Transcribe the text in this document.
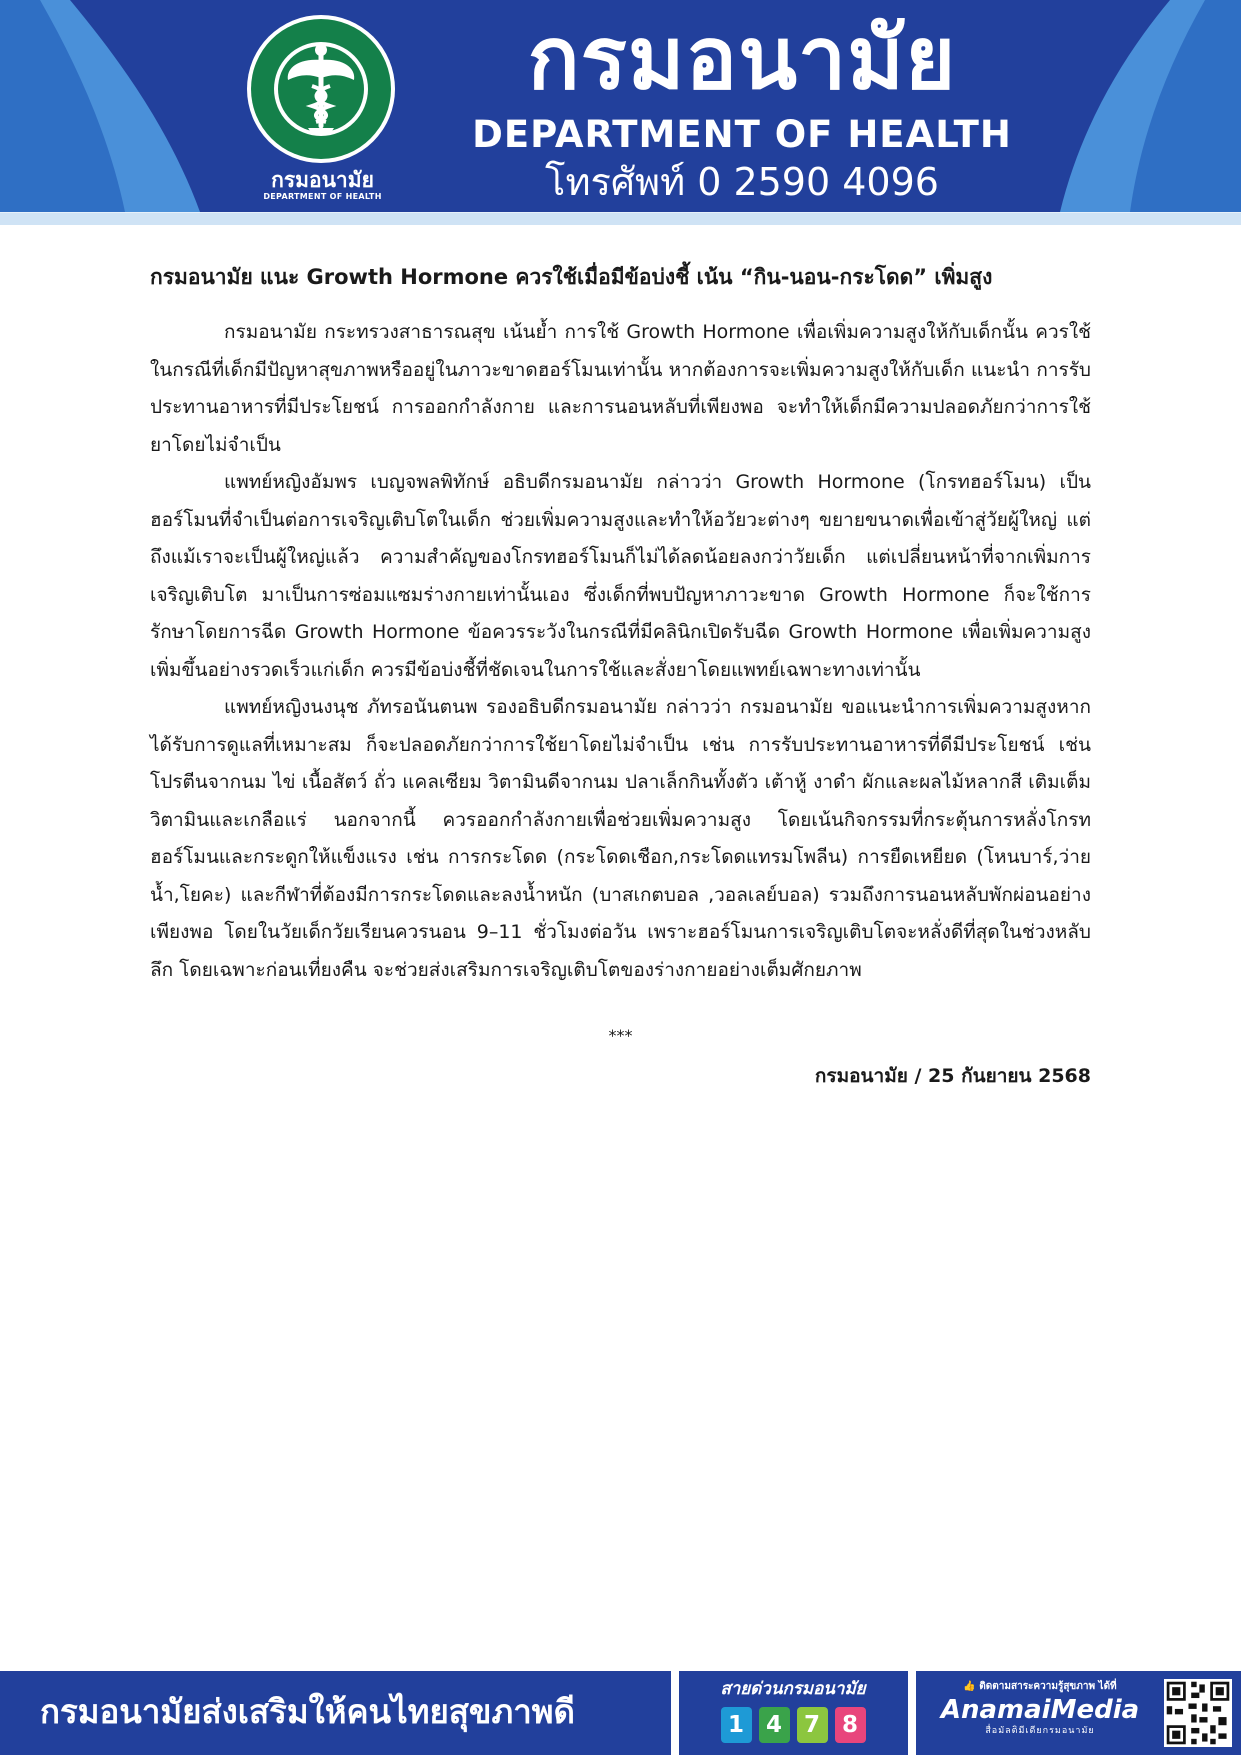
กรมอนามัย
DEPARTMENT OF HEALTH
กรมอนามัย
DEPARTMENT OF HEALTH
โทรศัพท์ 0 2590 4096
กรมอนามัย แนะ Growth Hormone ควรใช้เมื่อมีข้อบ่งชี้ เน้น “กิน-นอน-กระโดด” เพิ่มสูง

กรมอนามัย กระทรวงสาธารณสุข เน้นย้ำ การใช้ Growth Hormone เพื่อเพิ่มความสูงให้กับเด็กนั้น ควรใช้ในกรณีที่เด็กมีปัญหาสุขภาพหรืออยู่ในภาวะขาดฮอร์โมนเท่านั้น หากต้องการจะเพิ่มความสูงให้กับเด็ก แนะนำ การรับประทานอาหารที่มีประโยชน์ การออกกำลังกาย และการนอนหลับที่เพียงพอ จะทำให้เด็กมีความปลอดภัยกว่าการใช้ยาโดยไม่จำเป็น

แพทย์หญิงอัมพร เบญจพลพิทักษ์ อธิบดีกรมอนามัย กล่าวว่า Growth Hormone (โกรทฮอร์โมน) เป็นฮอร์โมนที่จำเป็นต่อการเจริญเติบโตในเด็ก ช่วยเพิ่มความสูงและทำให้อวัยวะต่างๆ ขยายขนาดเพื่อเข้าสู่วัยผู้ใหญ่ แต่ถึงแม้เราจะเป็นผู้ใหญ่แล้ว ความสำคัญของโกรทฮอร์โมนก็ไม่ได้ลดน้อยลงกว่าวัยเด็ก แต่เปลี่ยนหน้าที่จากเพิ่มการเจริญเติบโต มาเป็นการซ่อมแซมร่างกายเท่านั้นเอง ซึ่งเด็กที่พบปัญหาภาวะขาด Growth Hormone ก็จะใช้การรักษาโดยการฉีด Growth Hormone ข้อควรระวังในกรณีที่มีคลินิกเปิดรับฉีด Growth Hormone เพื่อเพิ่มความสูงเพิ่มขึ้นอย่างรวดเร็วแก่เด็ก ควรมีข้อบ่งชี้ที่ชัดเจนในการใช้และสั่งยาโดยแพทย์เฉพาะทางเท่านั้น

แพทย์หญิงนงนุช ภัทรอนันตนพ รองอธิบดีกรมอนามัย กล่าวว่า กรมอนามัย ขอแนะนำการเพิ่มความสูงหากได้รับการดูแลที่เหมาะสม ก็จะปลอดภัยกว่าการใช้ยาโดยไม่จำเป็น เช่น การรับประทานอาหารที่ดีมีประโยชน์ เช่น โปรตีนจากนม ไข่ เนื้อสัตว์ ถั่ว แคลเซียม วิตามินดีจากนม ปลาเล็กกินทั้งตัว เต้าหู้ งาดำ ผักและผลไม้หลากสี เติมเต็มวิตามินและเกลือแร่ นอกจากนี้ ควรออกกำลังกายเพื่อช่วยเพิ่มความสูง โดยเน้นกิจกรรมที่กระตุ้นการหลั่งโกรทฮอร์โมนและกระดูกให้แข็งแรง เช่น การกระโดด (กระโดดเชือก,กระโดดแทรมโพลีน) การยืดเหยียด (โหนบาร์,ว่ายน้ำ,โยคะ) และกีฬาที่ต้องมีการกระโดดและลงน้ำหนัก (บาสเกตบอล ,วอลเลย์บอล) รวมถึงการนอนหลับพักผ่อนอย่างเพียงพอ โดยในวัยเด็กวัยเรียนควรนอน 9–11 ชั่วโมงต่อวัน เพราะฮอร์โมนการเจริญเติบโตจะหลั่งดีที่สุดในช่วงหลับลึก โดยเฉพาะก่อนเที่ยงคืน จะช่วยส่งเสริมการเจริญเติบโตของร่างกายอย่างเต็มศักยภาพ

***
กรมอนามัย / 25 กันยายน 2568
กรมอนามัยส่งเสริมให้คนไทยสุขภาพดี
สายด่วนกรมอนามัย
1 4 7 8
👍 ติดตามสาระความรู้สุขภาพ ได้ที่
AnamaiMedia
สื่อมัลติมีเดียกรมอนามัย
